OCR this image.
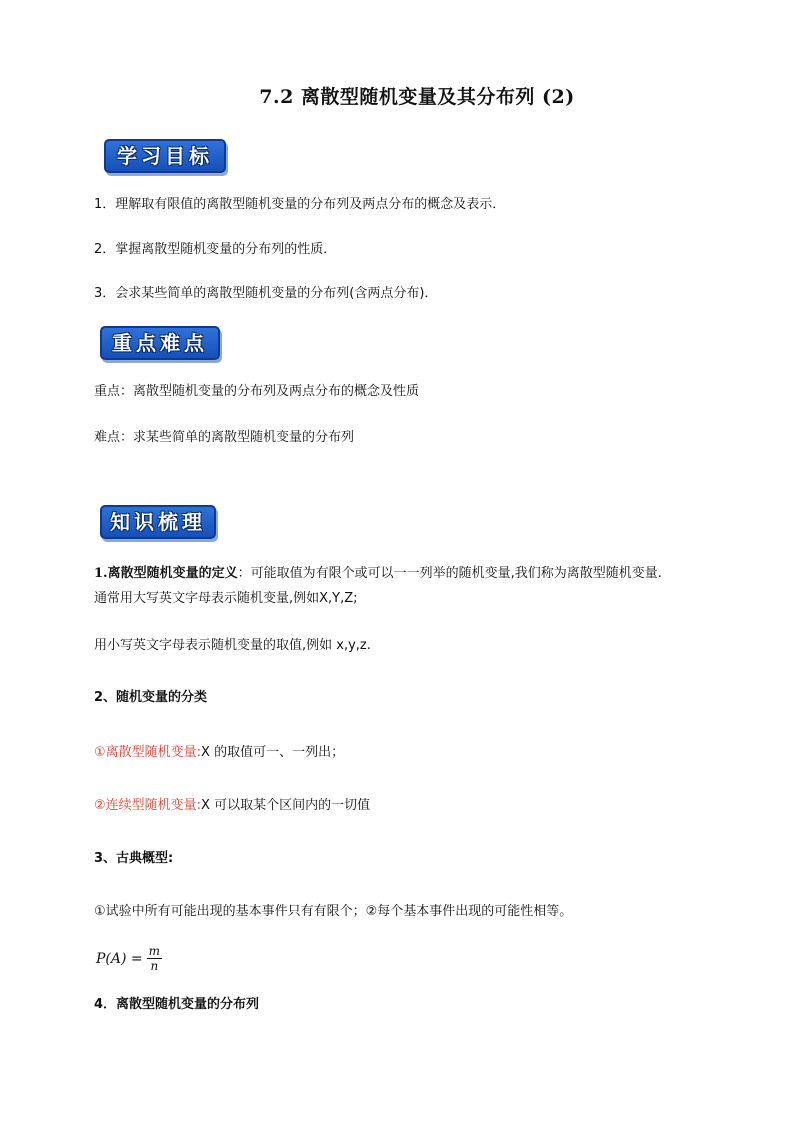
7.2 离散型随机变量及其分布列 (2)
学习目标
1．理解取有限值的离散型随机变量的分布列及两点分布的概念及表示．
2．掌握离散型随机变量的分布列的性质．
3．会求某些简单的离散型随机变量的分布列(含两点分布)．
重点难点
重点：离散型随机变量的分布列及两点分布的概念及性质
难点：求某些简单的离散型随机变量的分布列
知识梳理
1.离散型随机变量的定义：可能取值为有限个或可以一一列举的随机变量,我们称为离散型随机变量.
通常用大写英文字母表示随机变量,例如X,Y,Z;
用小写英文字母表示随机变量的取值,例如 x,y,z.
2、随机变量的分类
①离散型随机变量:X 的取值可一、一列出；
②连续型随机变量:X 可以取某个区间内的一切值
3、古典概型:
①试验中所有可能出现的基本事件只有有限个；②每个基本事件出现的可能性相等。
$P(A) = \frac{m}{n}$
4．离散型随机变量的分布列
